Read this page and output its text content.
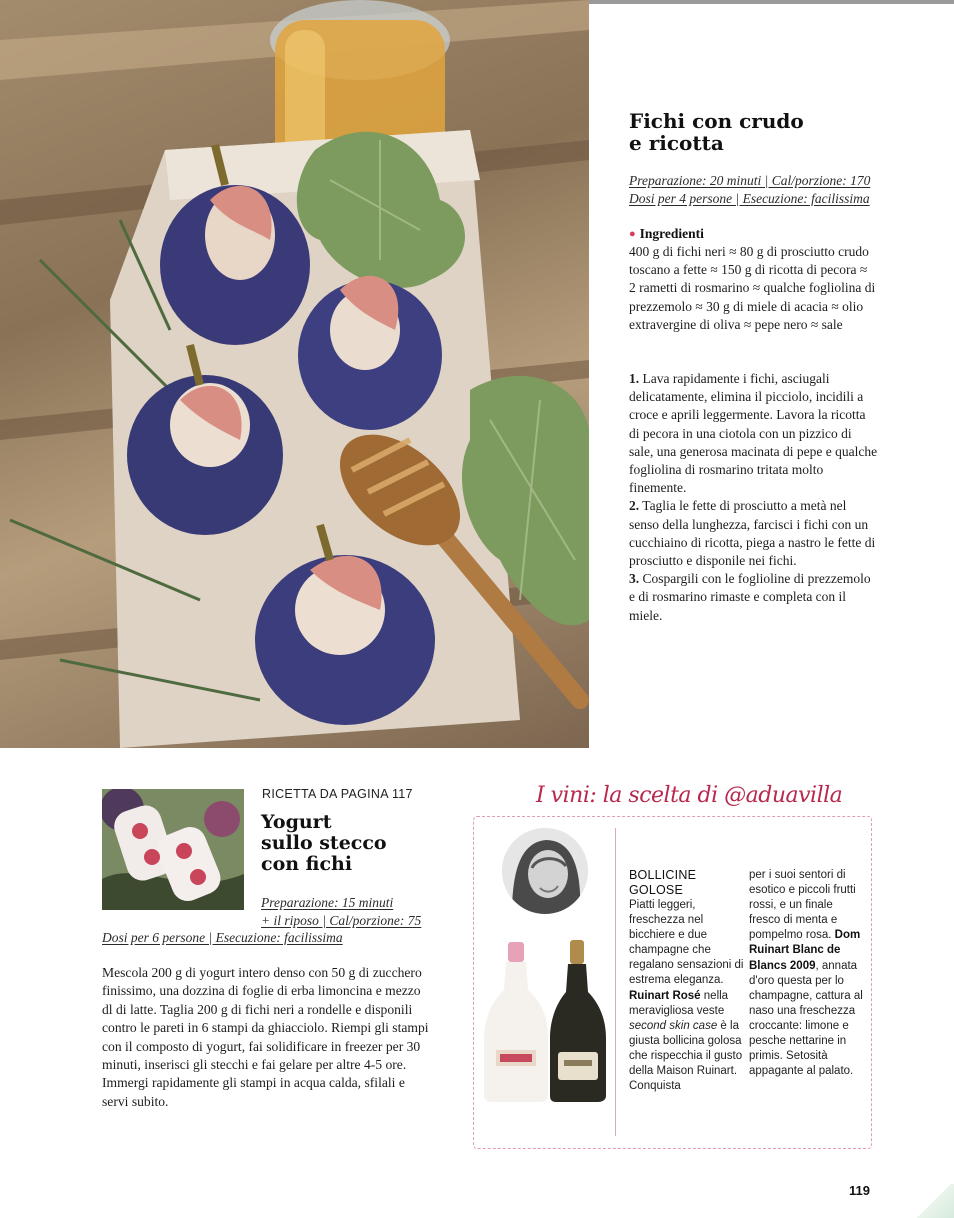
Fichi con crudo
e ricotta
Preparazione: 20 minuti | Cal/porzione: 170
Dosi per 4 persone | Esecuzione: facilissima
● Ingredienti
400 g di fichi neri ≈ 80 g di prosciutto crudo toscano a fette ≈ 150 g di ricotta di pecora ≈ 2 rametti di rosmarino ≈ qualche fogliolina di prezzemolo ≈ 30 g di miele di acacia ≈ olio extravergine di oliva ≈ pepe nero ≈ sale

1. Lava rapidamente i fichi, asciugali delicatamente, elimina il picciolo, incidili a croce e aprili leggermente. Lavora la ricotta di pecora in una ciotola con un pizzico di sale, una generosa macinata di pepe e qualche fogliolina di rosmarino tritata molto finemente.

2. Taglia le fette di prosciutto a metà nel senso della lunghezza, farcisci i fichi con un cucchiaino di ricotta, piega a nastro le fette di prosciutto e disponile nei fichi.

3. Cospargili con le foglioline di prezzemolo e di rosmarino rimaste e completa con il miele.

RICETTA DA PAGINA 117
Yogurt
sullo stecco
con fichi
Preparazione: 15 minuti
+ il riposo | Cal/porzione: 75
Dosi per 6 persone | Esecuzione: facilissima
Mescola 200 g di yogurt intero denso con 50 g di zucchero finissimo, una dozzina di foglie di erba limoncina e mezzo dl di latte. Taglia 200 g di fichi neri a rondelle e disponili contro le pareti in 6 stampi da ghiacciolo. Riempi gli stampi con il composto di yogurt, fai solidificare in freezer per 30 minuti, inserisci gli stecchi e fai gelare per altre 4-5 ore. Immergi rapidamente gli stampi in acqua calda, sfilali e servi subito.
I vini: la scelta di @aduavilla
BOLLICINE
GOLOSE
Piatti leggeri, freschezza nel bicchiere e due champagne che regalano sensazioni di estrema eleganza. Ruinart Rosé nella meravigliosa veste second skin case è la giusta bollicina golosa che rispecchia il gusto della Maison Ruinart. Conquista
per i suoi sentori di esotico e piccoli frutti rossi, e un finale fresco di menta e pompelmo rosa. Dom Ruinart Blanc de Blancs 2009, annata d'oro questa per lo champagne, cattura al naso una freschezza croccante: limone e pesche nettarine in primis. Setosità appagante al palato.
119
